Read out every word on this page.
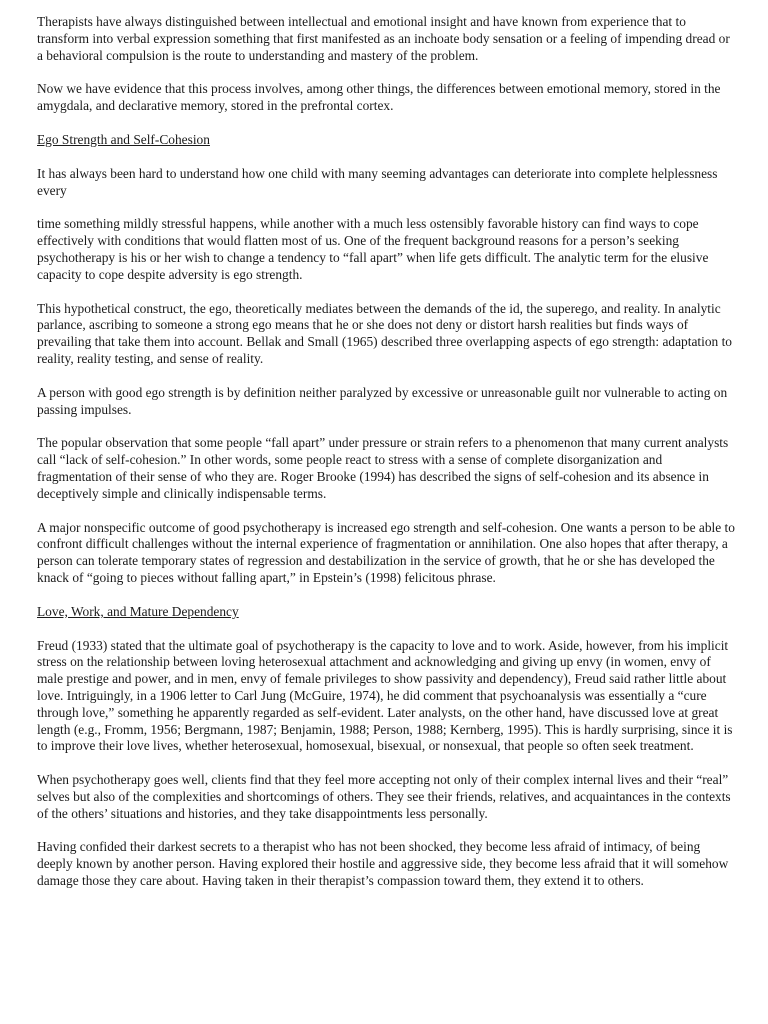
Therapists have always distinguished between intellectual and emotional insight and have known from experience that to transform into verbal expression something that first manifested as an inchoate body sensation or a feeling of impending dread or a behavioral compulsion is the route to understanding and mastery of the problem.

Now we have evidence that this process involves, among other things, the differences between emotional memory, stored in the amygdala, and declarative memory, stored in the prefrontal cortex.

Ego Strength and Self-Cohesion

It has always been hard to understand how one child with many seeming advantages can deteriorate into complete helplessness every

time something mildly stressful happens, while another with a much less ostensibly favorable history can find ways to cope effectively with conditions that would flatten most of us. One of the frequent background reasons for a person’s seeking psychotherapy is his or her wish to change a tendency to “fall apart” when life gets difficult. The analytic term for the elusive capacity to cope despite adversity is ego strength.

This hypothetical construct, the ego, theoretically mediates between the demands of the id, the superego, and reality. In analytic parlance, ascribing to someone a strong ego means that he or she does not deny or distort harsh realities but finds ways of prevailing that take them into account. Bellak and Small (1965) described three overlapping aspects of ego strength: adaptation to reality, reality testing, and sense of reality.

A person with good ego strength is by definition neither paralyzed by excessive or unreasonable guilt nor vulnerable to acting on passing impulses.

The popular observation that some people “fall apart” under pressure or strain refers to a phenomenon that many current analysts call “lack of self-cohesion.” In other words, some people react to stress with a sense of complete disorganization and fragmentation of their sense of who they are. Roger Brooke (1994) has described the signs of self-cohesion and its absence in deceptively simple and clinically indispensable terms.

A major nonspecific outcome of good psychotherapy is increased ego strength and self-cohesion. One wants a person to be able to confront difficult challenges without the internal experience of fragmentation or annihilation. One also hopes that after therapy, a person can tolerate temporary states of regression and destabilization in the service of growth, that he or she has developed the knack of “going to pieces without falling apart,” in Epstein’s (1998) felicitous phrase.

Love, Work, and Mature Dependency

Freud (1933) stated that the ultimate goal of psychotherapy is the capacity to love and to work. Aside, however, from his implicit stress on the relationship between loving heterosexual attachment and acknowledging and giving up envy (in women, envy of male prestige and power, and in men, envy of female privileges to show passivity and dependency), Freud said rather little about love. Intriguingly, in a 1906 letter to Carl Jung (McGuire, 1974), he did comment that psychoanalysis was essentially a “cure through love,” something he apparently regarded as self-evident. Later analysts, on the other hand, have discussed love at great length (e.g., Fromm, 1956; Bergmann, 1987; Benjamin, 1988; Person, 1988; Kernberg, 1995). This is hardly surprising, since it is to improve their love lives, whether heterosexual, homosexual, bisexual, or nonsexual, that people so often seek treatment.

When psychotherapy goes well, clients find that they feel more accepting not only of their complex internal lives and their “real” selves but also of the complexities and shortcomings of others. They see their friends, relatives, and acquaintances in the contexts of the others’ situations and histories, and they take disappointments less personally.

Having confided their darkest secrets to a therapist who has not been shocked, they become less afraid of intimacy, of being deeply known by another person. Having explored their hostile and aggressive side, they become less afraid that it will somehow damage those they care about. Having taken in their therapist’s compassion toward them, they extend it to others.
